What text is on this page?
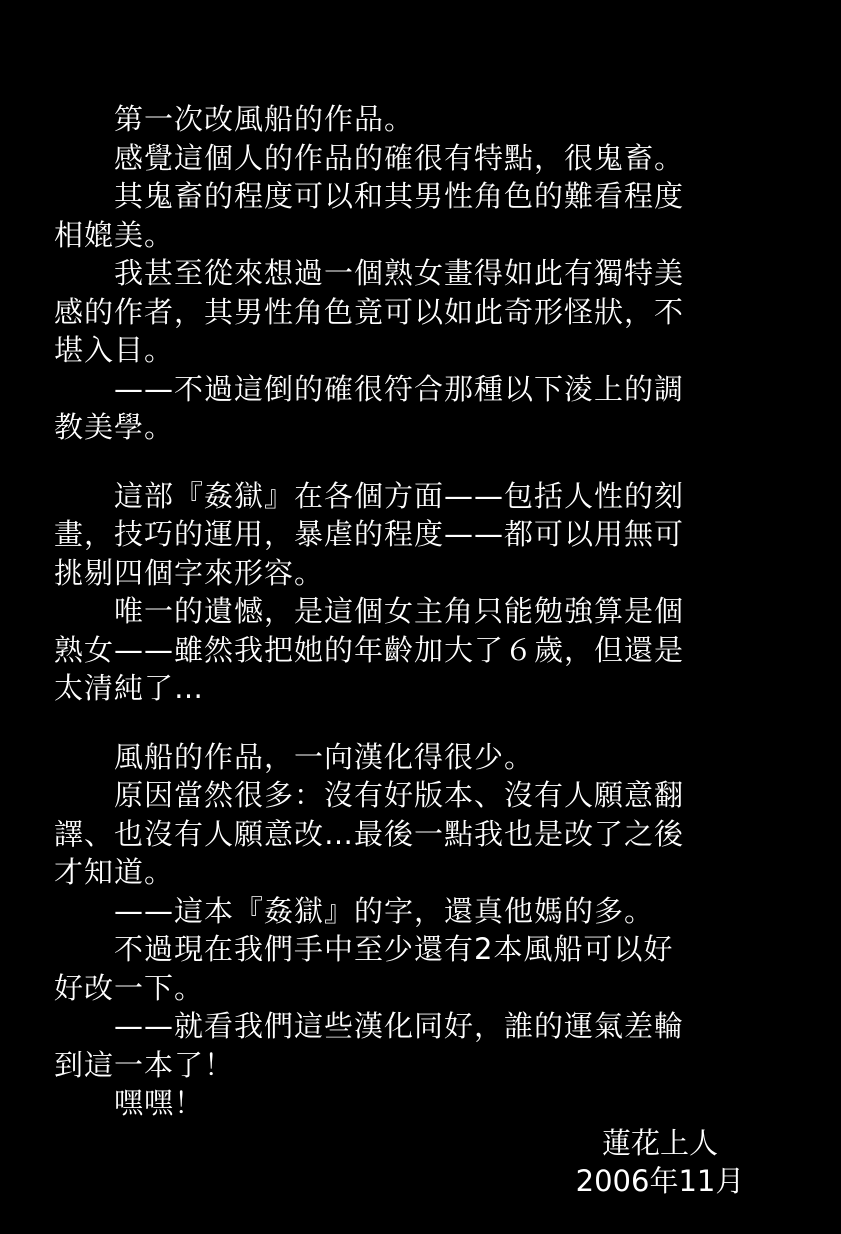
　　第一次改風船的作品。
　　感覺這個人的作品的確很有特點，很鬼畜。
　　其鬼畜的程度可以和其男性角色的難看程度
相媲美。
　　我甚至從來想過一個熟女畫得如此有獨特美
感的作者，其男性角色竟可以如此奇形怪狀，不
堪入目。
　　——不過這倒的確很符合那種以下淩上的調
教美學。
　　這部『姦獄』在各個方面——包括人性的刻
畫，技巧的運用，暴虐的程度——都可以用無可
挑剔四個字來形容。
　　唯一的遺憾，是這個女主角只能勉強算是個
熟女——雖然我把她的年齡加大了６歲，但還是
太清純了…
　　風船的作品，一向漢化得很少。
　　原因當然很多：沒有好版本、沒有人願意翻
譯、也沒有人願意改…最後一點我也是改了之後
才知道。
　　——這本『姦獄』的字，還真他媽的多。
　　不過現在我們手中至少還有2本風船可以好
好改一下。
　　——就看我們這些漢化同好，誰的運氣差輪
到這一本了！
　　嘿嘿！
蓮花上人
2006年11月
